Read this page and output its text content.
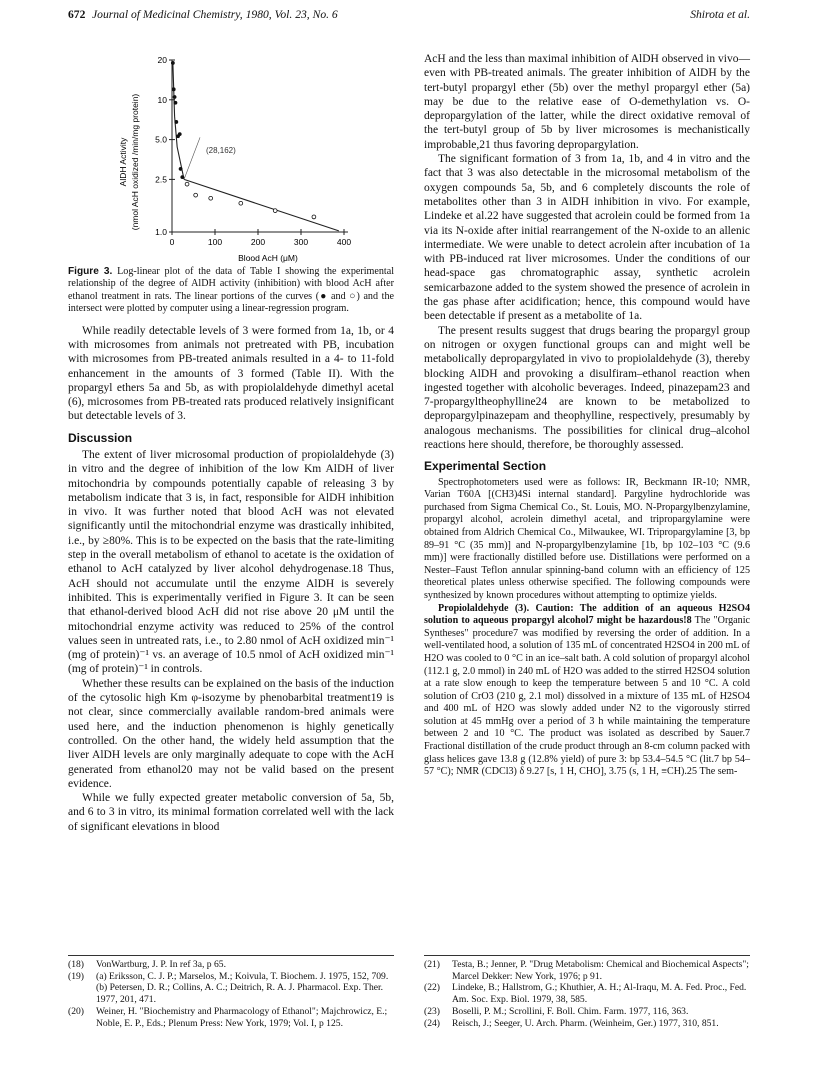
672 Journal of Medicinal Chemistry, 1980, Vol. 23, No. 6	Shirota et al.
0	100	200	300	400
20
10
5.0
2.5
1.0
AlDH Activity (nmol AcH oxidized /min/mg protein)
Blood AcH (μM)
(28,162)
Figure 3. Log-linear plot of the data of Table I showing the experimental relationship of the degree of AlDH activity (inhibition) with blood AcH after ethanol treatment in rats. The linear portions of the curves (● and ○) and the intersect were plotted by computer using a linear-regression program.

While readily detectable levels of 3 were formed from 1a, 1b, or 4 with microsomes from animals not pretreated with PB, incubation with microsomes from PB-treated animals resulted in a 4- to 11-fold enhancement in the amounts of 3 formed (Table II). With the propargyl ethers 5a and 5b, as with propiolaldehyde dimethyl acetal (6), microsomes from PB-treated rats produced relatively insignificant but detectable levels of 3.

Discussion

The extent of liver microsomal production of propiolaldehyde (3) in vitro and the degree of inhibition of the low Km AlDH of liver mitochondria by compounds potentially capable of releasing 3 by metabolism indicate that 3 is, in fact, responsible for AlDH inhibition in vivo. It was further noted that blood AcH was not elevated significantly until the mitochondrial enzyme was drastically inhibited, i.e., by ≥80%. This is to be expected on the basis that the rate-limiting step in the overall metabolism of ethanol to acetate is the oxidation of ethanol to AcH catalyzed by liver alcohol dehydrogenase.18 Thus, AcH should not accumulate until the enzyme AlDH is severely inhibited. This is experimentally verified in Figure 3. It can be seen that ethanol-derived blood AcH did not rise above 20 μM until the mitochondrial enzyme activity was reduced to 25% of the control values seen in untreated rats, i.e., to 2.80 nmol of AcH oxidized min⁻¹ (mg of protein)⁻¹ vs. an average of 10.5 nmol of AcH oxidized min⁻¹ (mg of protein)⁻¹ in controls.

Whether these results can be explained on the basis of the induction of the cytosolic high Km φ-isozyme by phenobarbital treatment19 is not clear, since commercially available random-bred animals were used here, and the induction phenomenon is highly genetically controlled. On the other hand, the widely held assumption that the liver AlDH levels are only marginally adequate to cope with the AcH generated from ethanol20 may not be valid based on the present evidence.

While we fully expected greater metabolic conversion of 5a, 5b, and 6 to 3 in vitro, its minimal formation correlated well with the lack of significant elevations in blood

AcH and the less than maximal inhibition of AlDH observed in vivo—even with PB-treated animals. The greater inhibition of AlDH by the tert-butyl propargyl ether (5b) over the methyl propargyl ether (5a) may be due to the relative ease of O-demethylation vs. O-depropargylation of the latter, while the direct oxidative removal of the tert-butyl group of 5b by liver microsomes is mechanistically improbable,21 thus favoring depropargylation.

The significant formation of 3 from 1a, 1b, and 4 in vitro and the fact that 3 was also detectable in the microsomal metabolism of the oxygen compounds 5a, 5b, and 6 completely discounts the role of metabolites other than 3 in AlDH inhibition in vivo. For example, Lindeke et al.22 have suggested that acrolein could be formed from 1a via its N-oxide after initial rearrangement of the N-oxide to an allenic intermediate. We were unable to detect acrolein after incubation of 1a with PB-induced rat liver microsomes. Under the conditions of our head-space gas chromatographic assay, synthetic acrolein semicarbazone added to the system showed the presence of acrolein in the gas phase after acidification; hence, this compound would have been detectable if present as a metabolite of 1a.

The present results suggest that drugs bearing the propargyl group on nitrogen or oxygen functional groups can and might well be metabolically depropargylated in vivo to propiolaldehyde (3), thereby blocking AlDH and provoking a disulfiram–ethanol reaction when ingested together with alcoholic beverages. Indeed, pinazepam23 and 7-propargyltheophylline24 are known to be metabolized to depropargylpinazepam and theophylline, respectively, presumably by analogous mechanisms. The possibilities for clinical drug–alcohol reactions here should, therefore, be thoroughly assessed.

Experimental Section

Spectrophotometers used were as follows: IR, Beckmann IR-10; NMR, Varian T60A [(CH3)4Si internal standard]. Pargyline hydrochloride was purchased from Sigma Chemical Co., St. Louis, MO. N-Propargylbenzylamine, propargyl alcohol, acrolein dimethyl acetal, and tripropargylamine were obtained from Aldrich Chemical Co., Milwaukee, WI. Tripropargylamine [3, bp 89–91 °C (35 mm)] and N-propargylbenzylamine [1b, bp 102–103 °C (9.6 mm)] were fractionally distilled before use. Distillations were performed on a Nester–Faust Teflon annular spinning-band column with an efficiency of 125 theoretical plates unless otherwise specified. The following compounds were synthesized by known procedures without attempting to optimize yields.

Propiolaldehyde (3). Caution: The addition of an aqueous H2SO4 solution to aqueous propargyl alcohol7 might be hazardous!8 The "Organic Syntheses" procedure7 was modified by reversing the order of addition. In a well-ventilated hood, a solution of 135 mL of concentrated H2SO4 in 200 mL of H2O was cooled to 0 °C in an ice–salt bath. A cold solution of propargyl alcohol (112.1 g, 2.0 mmol) in 240 mL of H2O was added to the stirred H2SO4 solution at a rate slow enough to keep the temperature between 5 and 10 °C. A cold solution of CrO3 (210 g, 2.1 mol) dissolved in a mixture of 135 mL of H2SO4 and 400 mL of H2O was slowly added under N2 to the vigorously stirred solution at 45 mmHg over a period of 3 h while maintaining the temperature between 2 and 10 °C. The product was isolated as described by Sauer.7 Fractional distillation of the crude product through an 8-cm column packed with glass helices gave 13.8 g (12.8% yield) of pure 3: bp 53.4–54.5 °C (lit.7 bp 54–57 °C); NMR (CDCl3) δ 9.27 [s, 1 H, CHO], 3.75 (s, 1 H, ≡CH).25 The sem-

(18)	VonWartburg, J. P. In ref 3a, p 65.
(19)	(a) Eriksson, C. J. P.; Marselos, M.; Koivula, T. Biochem. J. 1975, 152, 709. (b) Petersen, D. R.; Collins, A. C.; Deitrich, R. A. J. Pharmacol. Exp. Ther. 1977, 201, 471.
(20)	Weiner, H. "Biochemistry and Pharmacology of Ethanol"; Majchrowicz, E.; Noble, E. P., Eds.; Plenum Press: New York, 1979; Vol. I, p 125.
(21)	Testa, B.; Jenner, P. "Drug Metabolism: Chemical and Biochemical Aspects"; Marcel Dekker: New York, 1976; p 91.
(22)	Lindeke, B.; Hallstrom, G.; Khuthier, A. H.; Al-Iraqu, M. A. Fed. Proc., Fed. Am. Soc. Exp. Biol. 1979, 38, 585.
(23)	Boselli, P. M.; Scrollini, F. Boll. Chim. Farm. 1977, 116, 363.
(24)	Reisch, J.; Seeger, U. Arch. Pharm. (Weinheim, Ger.) 1977, 310, 851.
